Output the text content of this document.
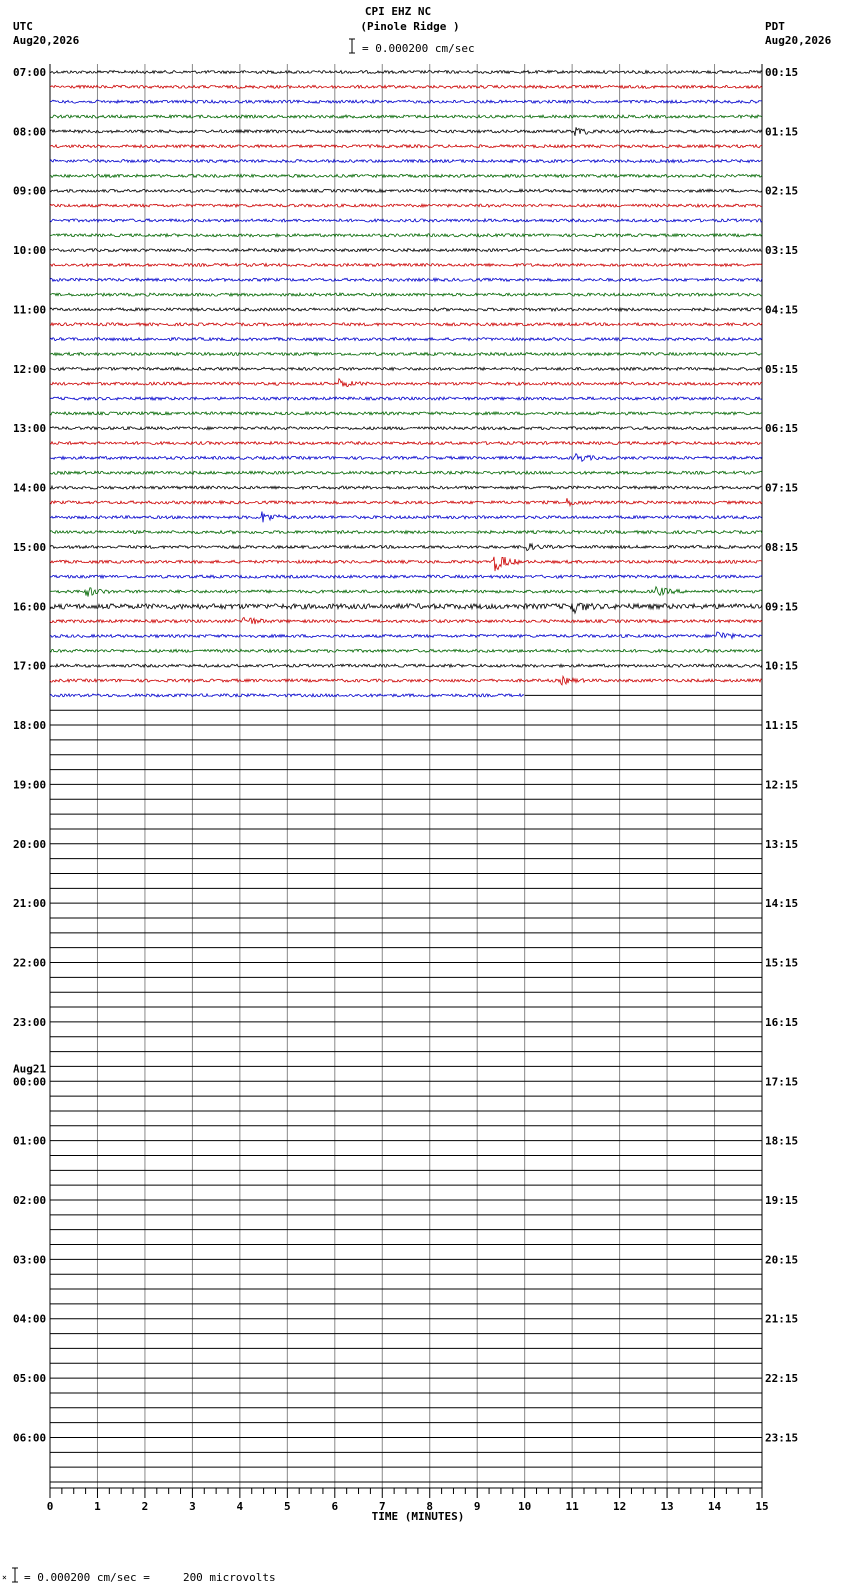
CPI EHZ NC
(Pinole Ridge )
= 0.000200 cm/sec
UTC
Aug20,2026
PDT
Aug20,2026
07:00
08:00
09:00
10:00
11:00
12:00
13:00
14:00
15:00
16:00
17:00
18:00
19:00
20:00
21:00
22:00
23:00
00:00
Aug21
01:00
02:00
03:00
04:00
05:00
06:00
00:15
01:15
02:15
03:15
04:15
05:15
06:15
07:15
08:15
09:15
10:15
11:15
12:15
13:15
14:15
15:15
16:15
17:15
18:15
19:15
20:15
21:15
22:15
23:15
0	1	2	3	4	5	6	7	8	9	10	11	12	13	14	15
TIME (MINUTES)
× = 0.000200 cm/sec =     200 microvolts
